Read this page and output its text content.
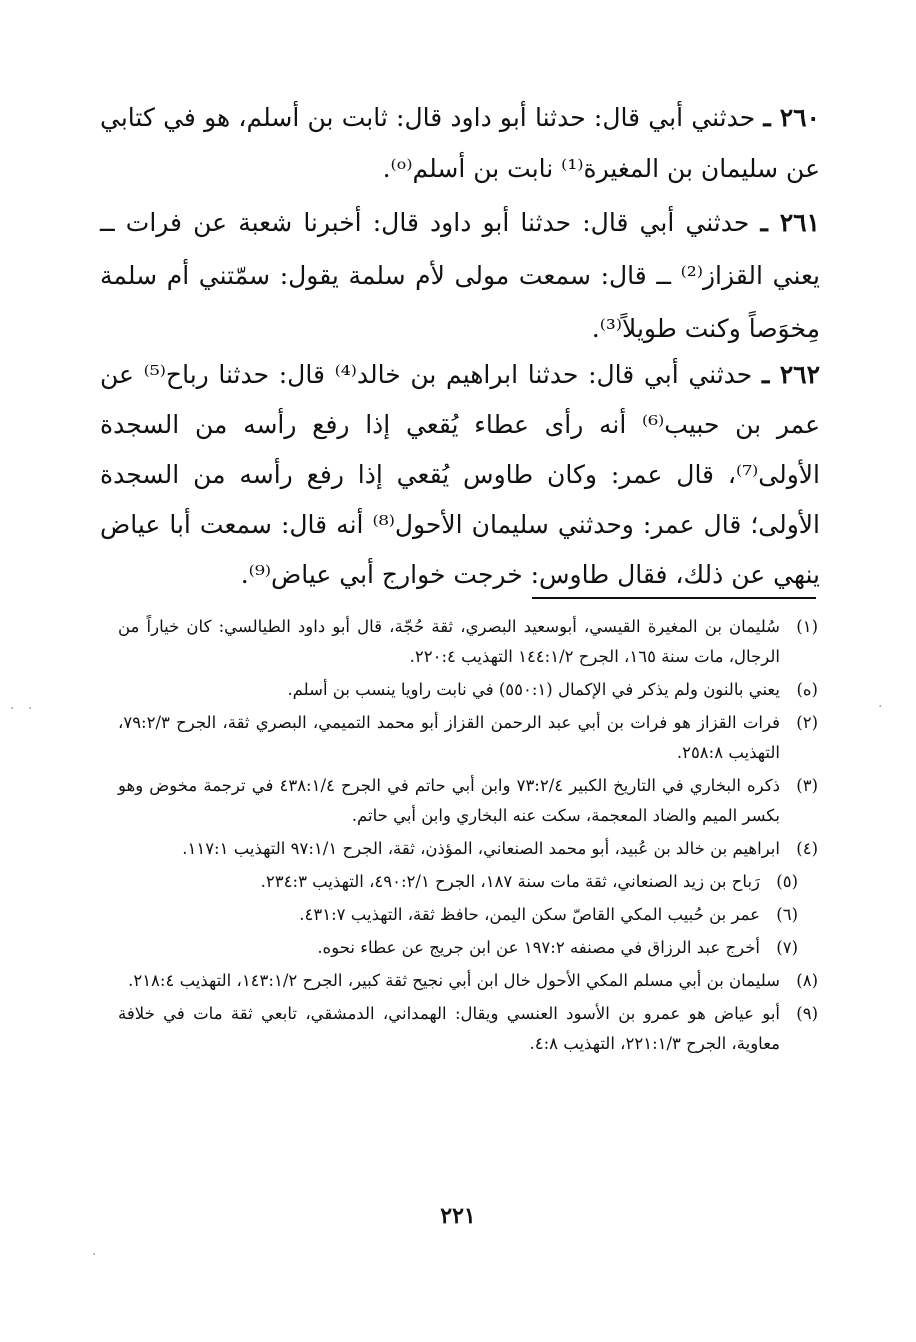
٢٦٠ ـ حدثني أبي قال: حدثنا أبو داود قال: ثابت بن أسلم، هو في كتابي عن سليمان بن المغيرة⁽¹⁾ نابت بن أسلم⁽ᵒ⁾.

٢٦١ ـ حدثني أبي قال: حدثنا أبو داود قال: أخبرنا شعبة عن فرات ــ يعني القزاز⁽²⁾ ــ قال: سمعت مولى لأم سلمة يقول: سمّتني أم سلمة مِخوَصاً وكنت طويلاً⁽³⁾.

٢٦٢ ـ حدثني أبي قال: حدثنا ابراهيم بن خالد⁽⁴⁾ قال: حدثنا رباح⁽⁵⁾ عن عمر بن حبيب⁽⁶⁾ أنه رأى عطاء يُقعي إذا رفع رأسه من السجدة الأولى⁽⁷⁾، قال عمر: وكان طاوس يُقعي إذا رفع رأسه من السجدة الأولى؛ قال عمر: وحدثني سليمان الأحول⁽⁸⁾ أنه قال: سمعت أبا عياض ينهي عن ذلك، فقال طاوس: خرجت خوارج أبي عياض⁽⁹⁾.

(١)
سُليمان بن المغيرة القيسي، أبوسعيد البصري، ثقة حُجّة، قال أبو داود الطيالسي: كان خياراً من الرجال، مات سنة ١٦٥، الجرح ١٤٤:١/٢ التهذيب ٢٢٠:٤.
(ه)
يعني بالنون ولم يذكر في الإكمال (٥٥٠:١) في نابت راويا ينسب بن أسلم.
(٢)
فرات القزاز هو فرات بن أبي عبد الرحمن القزاز أبو محمد التميمي، البصري ثقة، الجرح ٧٩:٢/٣، التهذيب ٢٥٨:٨.
(٣)
ذكره البخاري في التاريخ الكبير ٧٣:٢/٤ وابن أبي حاتم في الجرح ٤٣٨:١/٤ في ترجمة مخوض وهو بكسر الميم والضاد المعجمة، سكت عنه البخاري وابن أبي حاتم.
(٤)
ابراهيم بن خالد بن عُبيد، أبو محمد الصنعاني، المؤذن، ثقة، الجرح ٩٧:١/١ التهذيب ١١٧:١.
(٥)
رَباح بن زيد الصنعاني، ثقة مات سنة ١٨٧، الجرح ٤٩٠:٢/١، التهذيب ٢٣٤:٣.
(٦)
عمر بن حُبيب المكي القاصّ سكن اليمن، حافظ ثقة، التهذيب ٤٣١:٧.
(٧)
أخرج عبد الرزاق في مصنفه ١٩٧:٢ عن ابن جريج عن عطاء نحوه.
(٨)
سليمان بن أبي مسلم المكي الأحول خال ابن أبي نجيح ثقة كبير، الجرح ١٤٣:١/٢، التهذيب ٢١٨:٤.
(٩)
أبو عياض هو عمرو بن الأسود العنسي ويقال: الهمداني، الدمشقي، تابعي ثقة مات في خلافة معاوية، الجرح ٢٢١:١/٣، التهذيب ٤:٨.
٢٢١
· ·	·
·
